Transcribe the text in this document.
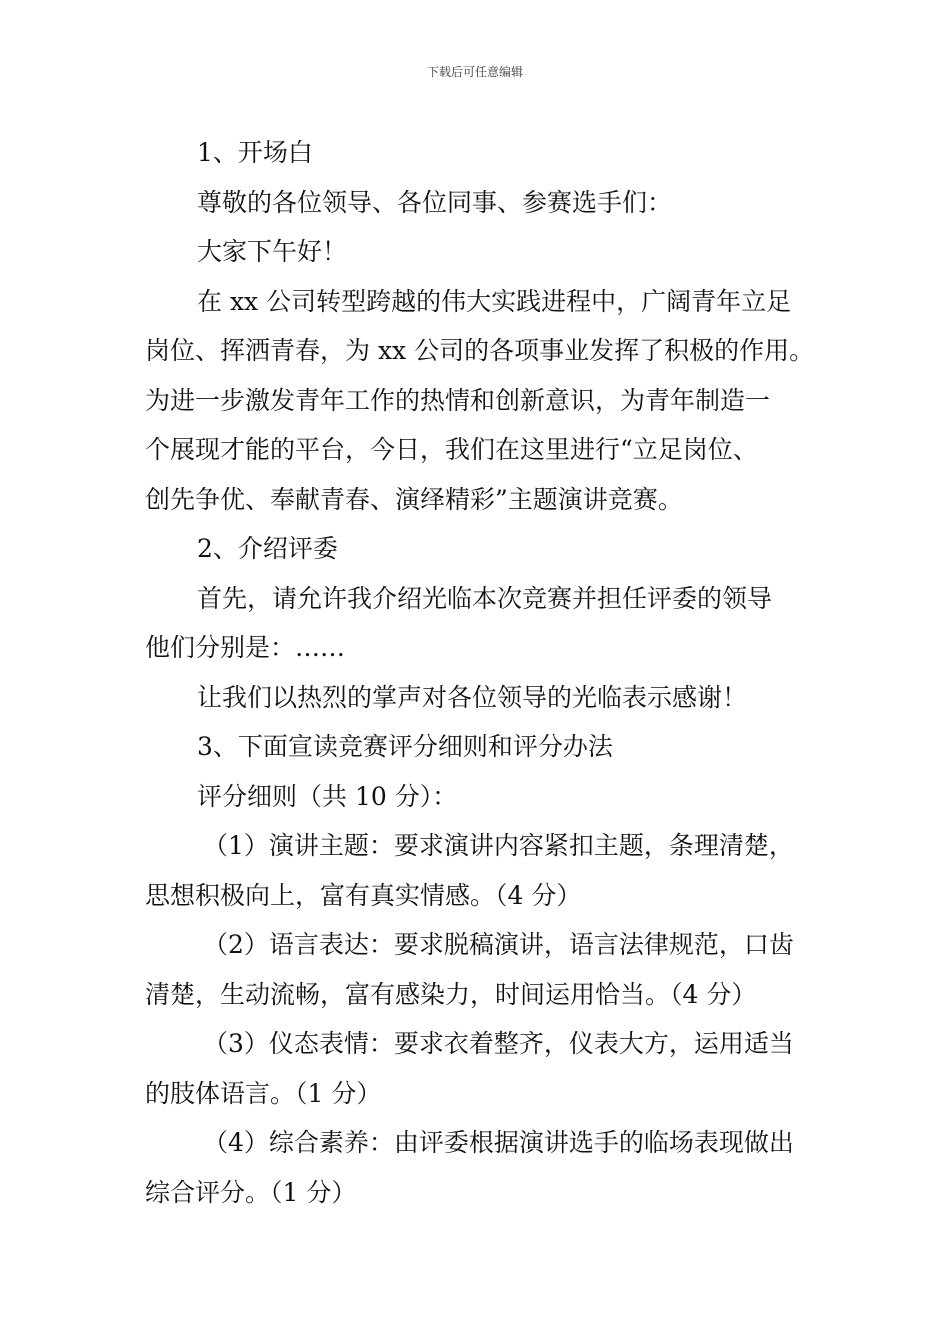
下载后可任意编辑
1、开场白
尊敬的各位领导、各位同事、参赛选手们：
大家下午好！
在 xx 公司转型跨越的伟大实践进程中，广阔青年立足
岗位、挥洒青春，为 xx 公司的各项事业发挥了积极的作用。
为进一步激发青年工作的热情和创新意识，为青年制造一
个展现才能的平台，今日，我们在这里进行“立足岗位、
创先争优、奉献青春、演绎精彩”主题演讲竞赛。
2、介绍评委
首先，请允许我介绍光临本次竞赛并担任评委的领导
他们分别是：……
让我们以热烈的掌声对各位领导的光临表示感谢！
3、下面宣读竞赛评分细则和评分办法
评分细则（共 10 分）：
（1）演讲主题：要求演讲内容紧扣主题，条理清楚，
思想积极向上，富有真实情感。（4 分）
（2）语言表达：要求脱稿演讲，语言法律规范，口齿
清楚，生动流畅，富有感染力，时间运用恰当。（4 分）
（3）仪态表情：要求衣着整齐，仪表大方，运用适当
的肢体语言。（1 分）
（4）综合素养：由评委根据演讲选手的临场表现做出
综合评分。（1 分）
